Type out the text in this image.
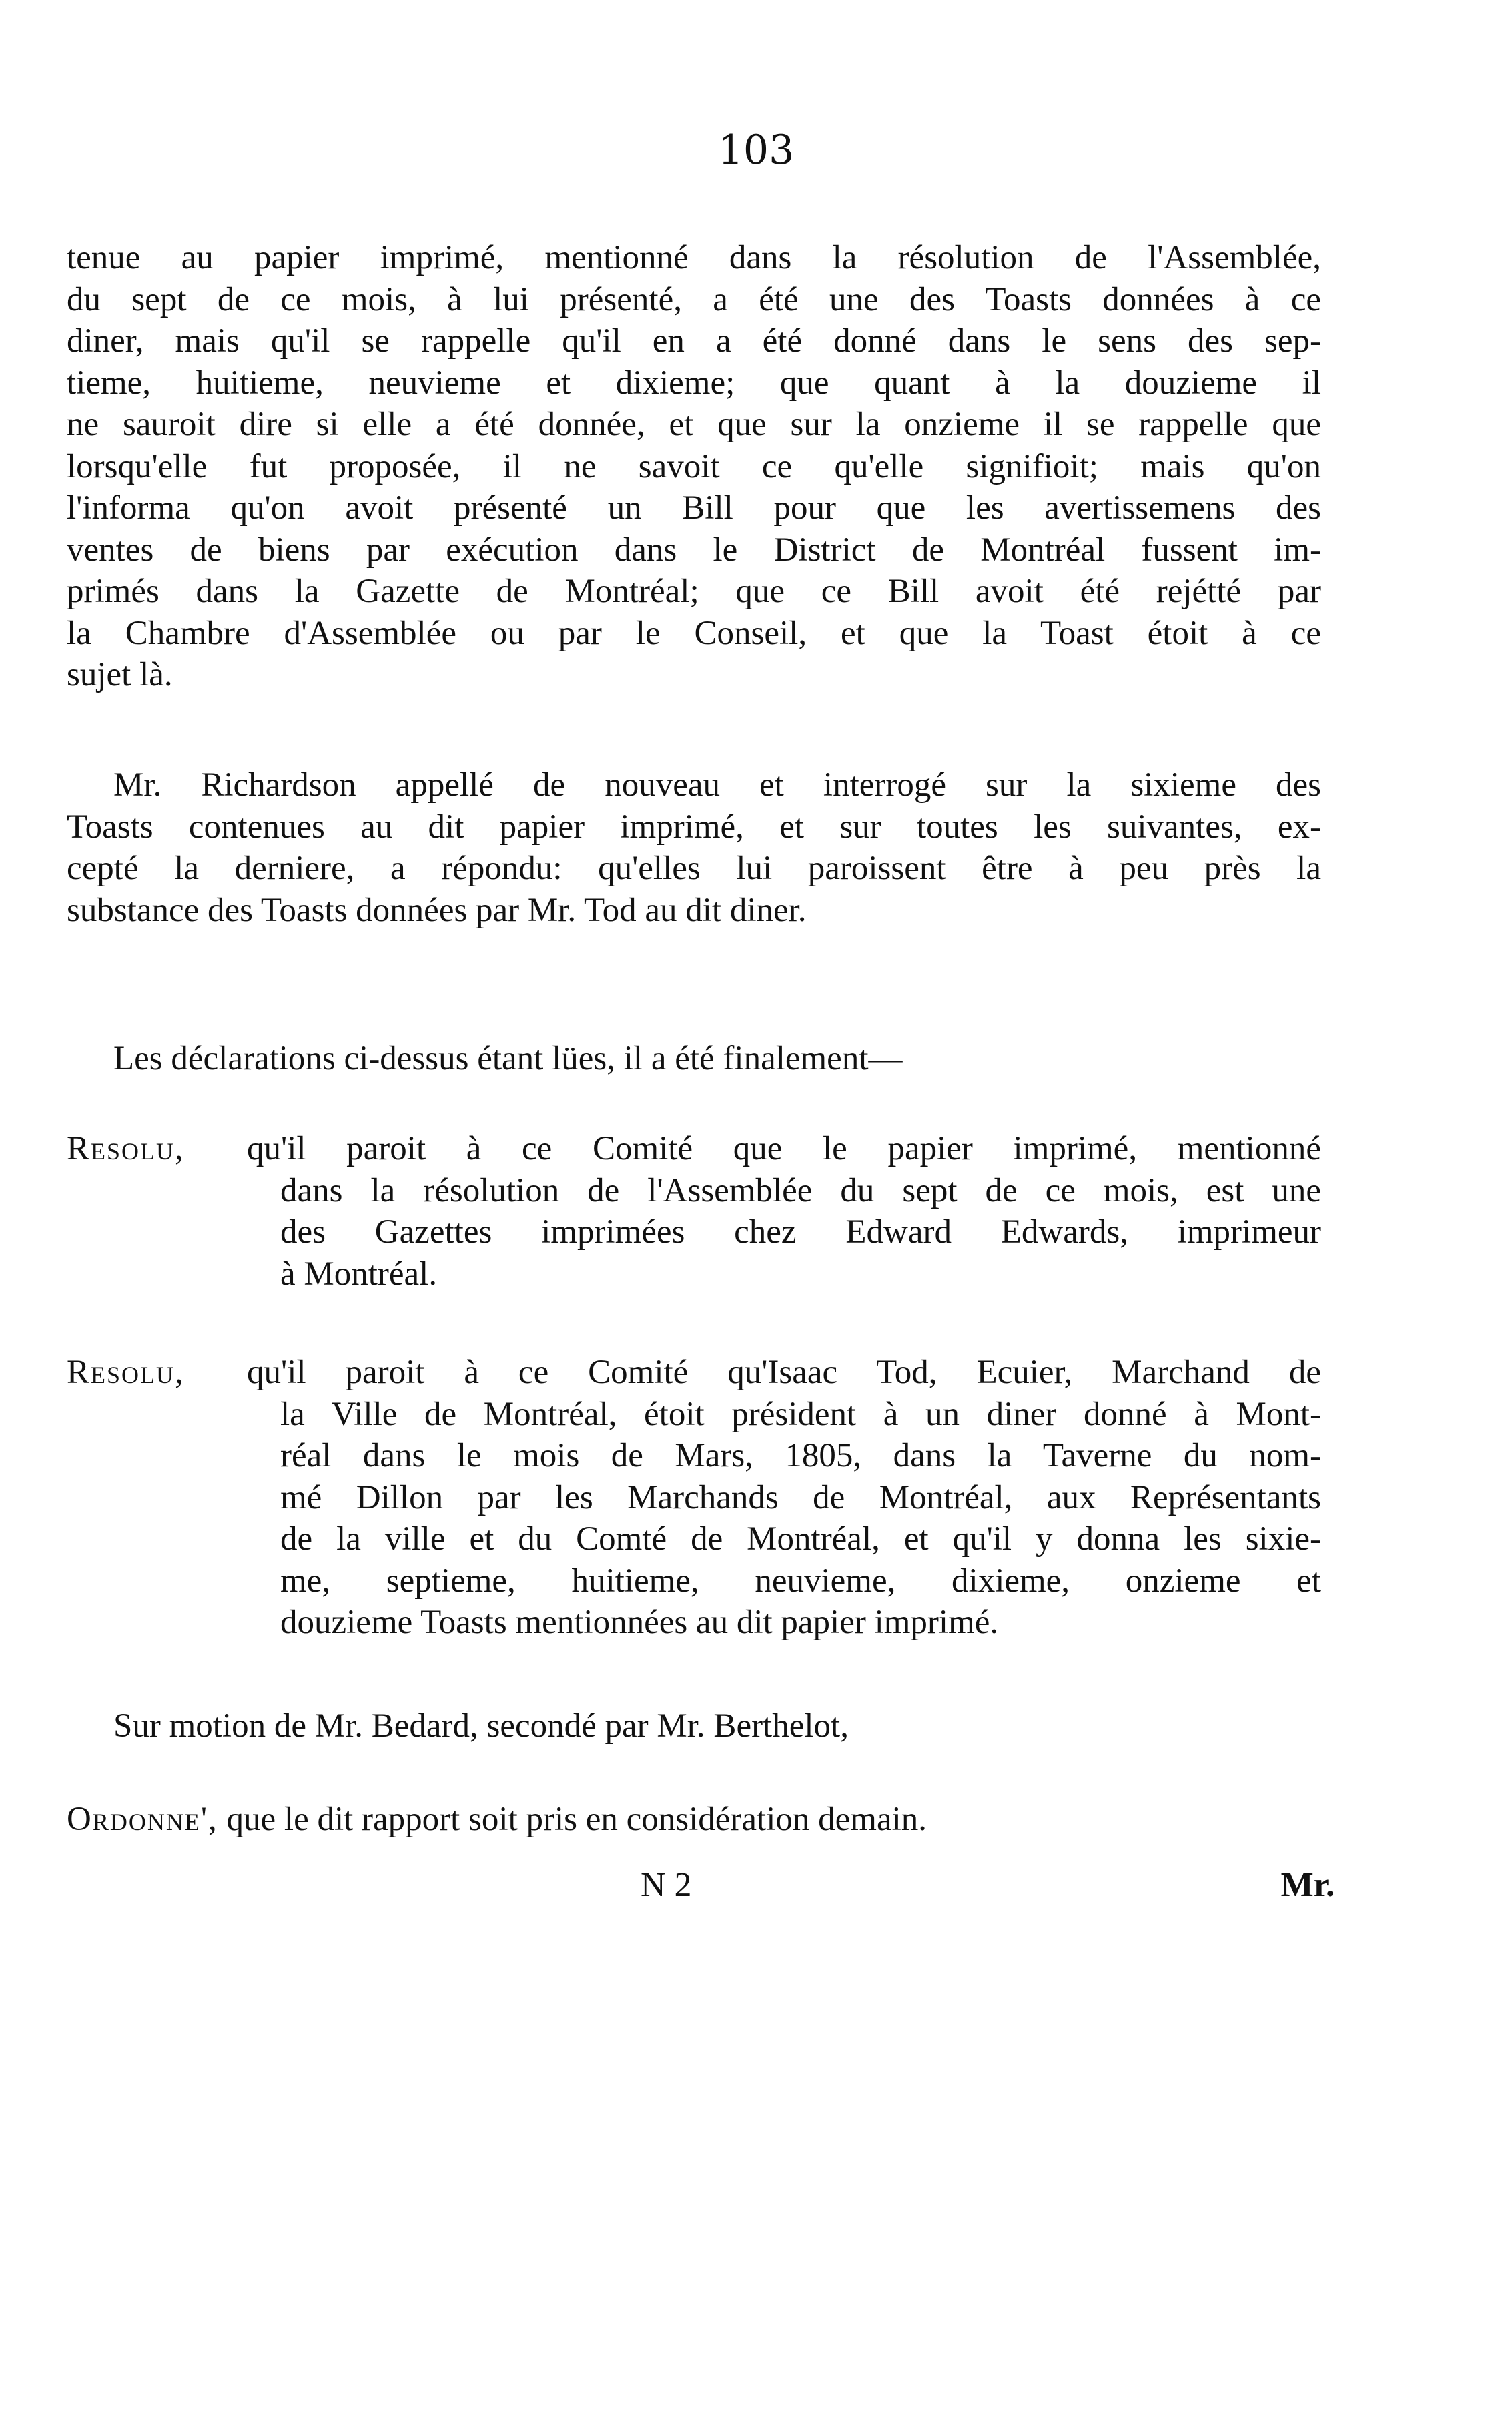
103
tenue au papier imprimé, mentionné dans la résolution de l'Assemblée,
du sept de ce mois, à lui présenté, a été une des Toasts données à ce
diner, mais qu'il se rappelle qu'il en a été donné dans le sens des sep-
tieme, huitieme, neuvieme et dixieme; que quant à la douzieme il
ne sauroit dire si elle a été donnée, et que sur la onzieme il se rappelle que
lorsqu'elle fut proposée, il ne savoit ce qu'elle signifioit; mais qu'on
l'informa qu'on avoit présenté un Bill pour que les avertissemens des
ventes de biens par exécution dans le District de Montréal fussent im-
primés dans la Gazette de Montréal; que ce Bill avoit été rejétté par
la Chambre d'Assemblée ou par le Conseil, et que la Toast étoit à ce
sujet là.
Mr. Richardson appellé de nouveau et interrogé sur la sixieme des
Toasts contenues au dit papier imprimé, et sur toutes les suivantes, ex-
cepté la derniere, a répondu: qu'elles lui paroissent être à peu près la
substance des Toasts données par Mr. Tod au dit diner.
Les déclarations ci-dessus étant lües, il a été finalement—
Resolu, qu'il paroit à ce Comité que le papier imprimé, mentionné
dans la résolution de l'Assemblée du sept de ce mois, est une
des Gazettes imprimées chez Edward Edwards, imprimeur
à Montréal.
Resolu, qu'il paroit à ce Comité qu'Isaac Tod, Ecuier, Marchand de
la Ville de Montréal, étoit président à un diner donné à Mont-
réal dans le mois de Mars, 1805, dans la Taverne du nom-
mé Dillon par les Marchands de Montréal, aux Représentants
de la ville et du Comté de Montréal, et qu'il y donna les sixie-
me, septieme, huitieme, neuvieme, dixieme, onzieme et
douzieme Toasts mentionnées au dit papier imprimé.
Sur motion de Mr. Bedard, secondé par Mr. Berthelot,
Ordonne', que le dit rapport soit pris en considération demain.
N 2	Mr.
